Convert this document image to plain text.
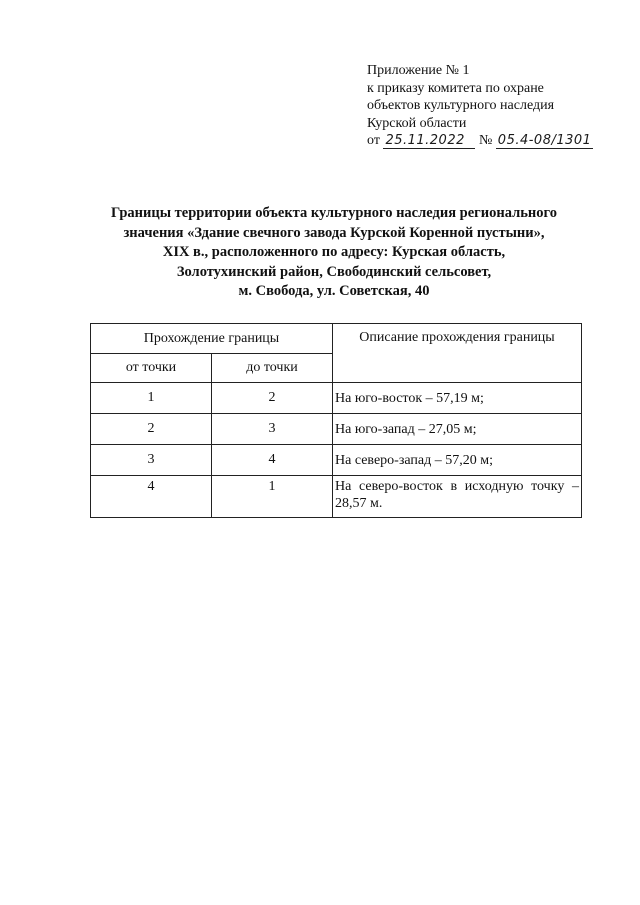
Приложение № 1
к приказу комитета по охране
объектов культурного наследия
Курской области
от 25.11.2022 № 05.4-08/1301
Границы территории объекта культурного наследия регионального
значения «Здание свечного завода Курской Коренной пустыни»,
XIX в., расположенного по адресу: Курская область,
Золотухинский район, Свободинский сельсовет,
м. Свобода, ул. Советская, 40
Прохождение границы		Описание прохождения границы
от точки	до точки	
1	2	На юго-восток – 57,19 м;
2	3	На юго-запад – 27,05 м;
3	4	На северо-запад – 57,20 м;
4	1	На северо-восток в исходную точку – 28,57 м.
